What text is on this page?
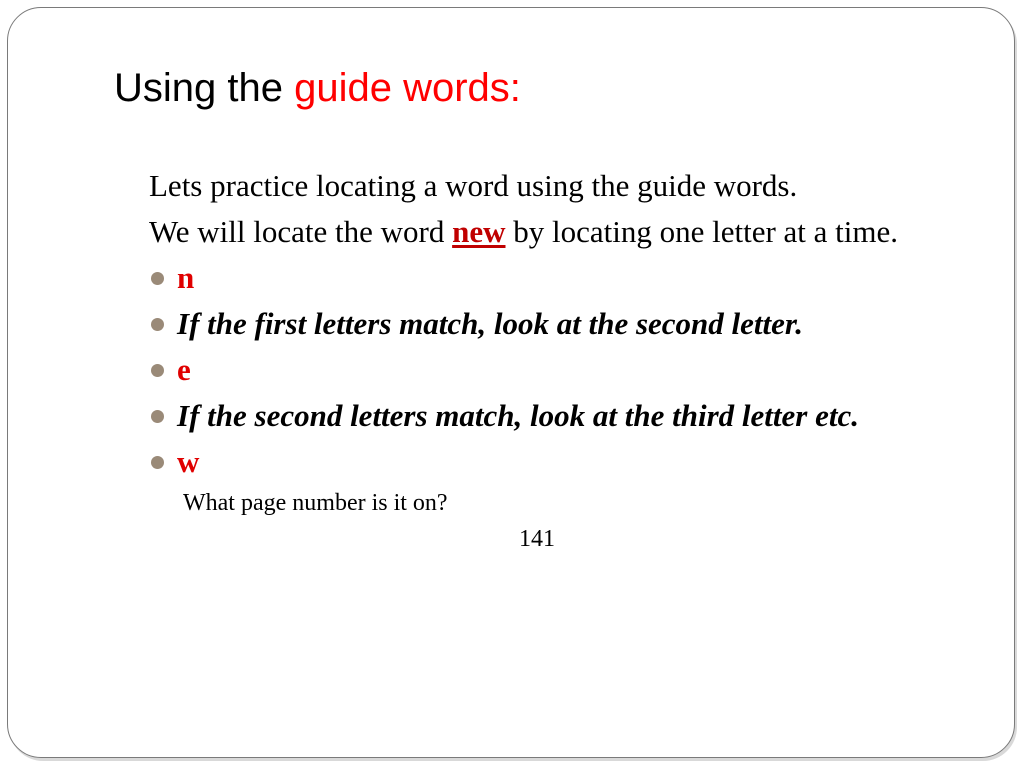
Using the guide words:

Lets practice locating a word using the guide words.

We will locate the word new by locating one letter at a time.

n
If the first letters match, look at the second letter.
e
If the second letters match, look at the third letter etc.
w
What page number is it on?
141
